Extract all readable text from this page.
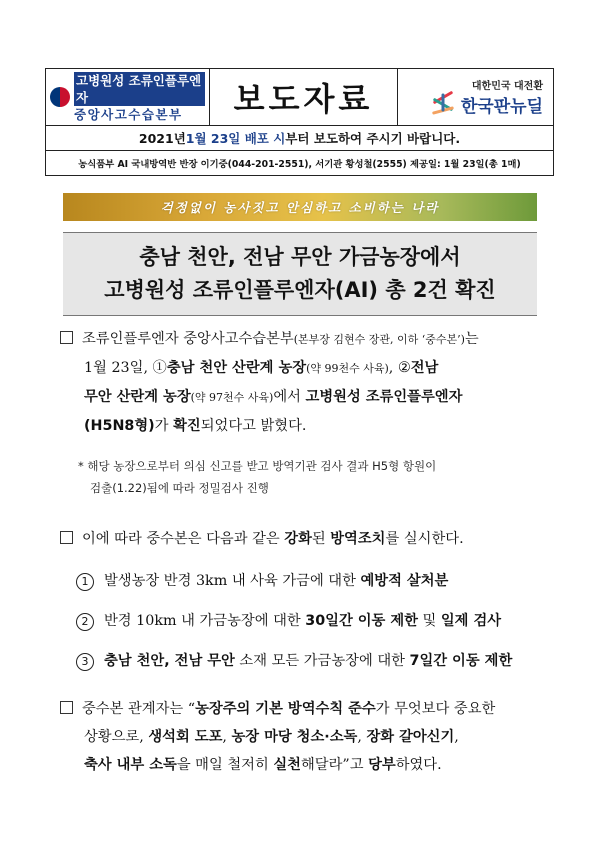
고병원성 조류인플루엔자
중앙사고수습본부	보도자료	대한민국 대전환
한국판뉴딜
2021년 1월 23일 배포 시 부터 보도하여 주시기 바랍니다.
농식품부 AI 국내방역반 반장 이기중(044-201-2551), 서기관 황성철(2555) 제공일: 1월 23일(총 1매)
걱정없이 농사짓고 안심하고 소비하는 나라
충남 천안, 전남 무안 가금농장에서
고병원성 조류인플루엔자(AI) 총 2건 확진
조류인플루엔자 중앙사고수습본부(본부장 김현수 장관, 이하 ‘중수본’)는
1월 23일, ①충남 천안 산란계 농장(약 99천수 사육), ②전남
무안 산란계 농장(약 97천수 사육)에서 고병원성 조류인플루엔자
(H5N8형)가 확진되었다고 밝혔다.
* 해당 농장으로부터 의심 신고를 받고 방역기관 검사 결과 H5형 항원이
검출(1.22)됨에 따라 정밀검사 진행
이에 따라 중수본은 다음과 같은 강화된 방역조치를 실시한다.
1 발생농장 반경 3km 내 사육 가금에 대한 예방적 살처분
2 반경 10km 내 가금농장에 대한 30일간 이동 제한 및 일제 검사
3 충남 천안, 전남 무안 소재 모든 가금농장에 대한 7일간 이동 제한
중수본 관계자는 “농장주의 기본 방역수칙 준수가 무엇보다 중요한
상황으로, 생석회 도포, 농장 마당 청소·소독, 장화 갈아신기,
축사 내부 소독을 매일 철저히 실천해달라”고 당부하였다.
